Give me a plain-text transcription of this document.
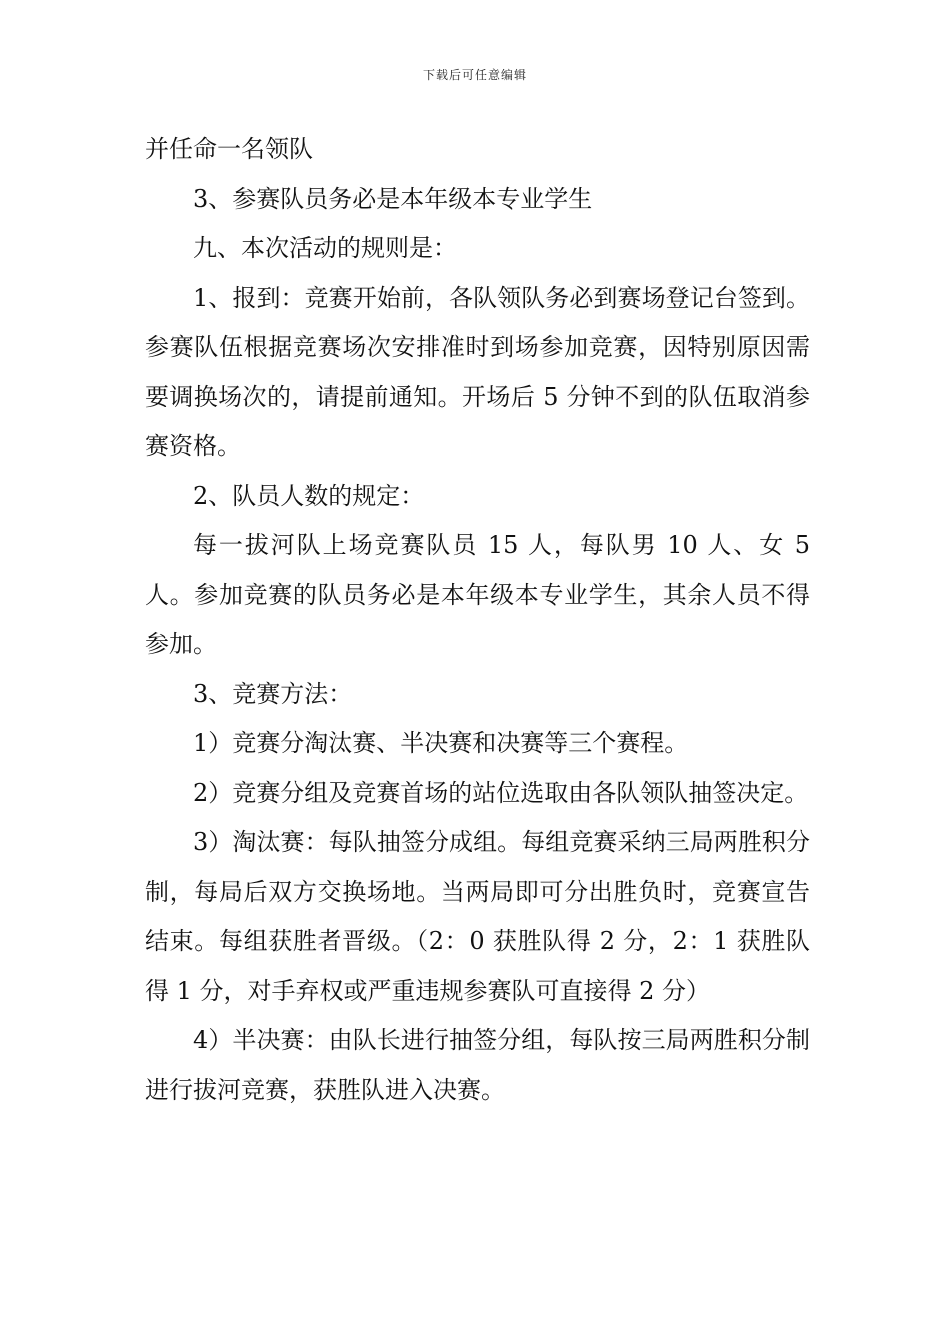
下载后可任意编辑

并任命一名领队

3、参赛队员务必是本年级本专业学生

九、本次活动的规则是：

1、报到：竞赛开始前，各队领队务必到赛场登记台签到。参赛队伍根据竞赛场次安排准时到场参加竞赛，因特别原因需要调换场次的，请提前通知。开场后 5 分钟不到的队伍取消参赛资格。

2、队员人数的规定：

每一拔河队上场竞赛队员 15 人，每队男 10 人、女 5 人。参加竞赛的队员务必是本年级本专业学生，其余人员不得参加。

3、竞赛方法：

1）竞赛分淘汰赛、半决赛和决赛等三个赛程。

2）竞赛分组及竞赛首场的站位选取由各队领队抽签决定。

3）淘汰赛：每队抽签分成组。每组竞赛采纳三局两胜积分制，每局后双方交换场地。当两局即可分出胜负时，竞赛宣告结束。每组获胜者晋级。（2：0 获胜队得 2 分，2：1 获胜队得 1 分，对手弃权或严重违规参赛队可直接得 2 分）

4）半决赛：由队长进行抽签分组，每队按三局两胜积分制进行拔河竞赛，获胜队进入决赛。
